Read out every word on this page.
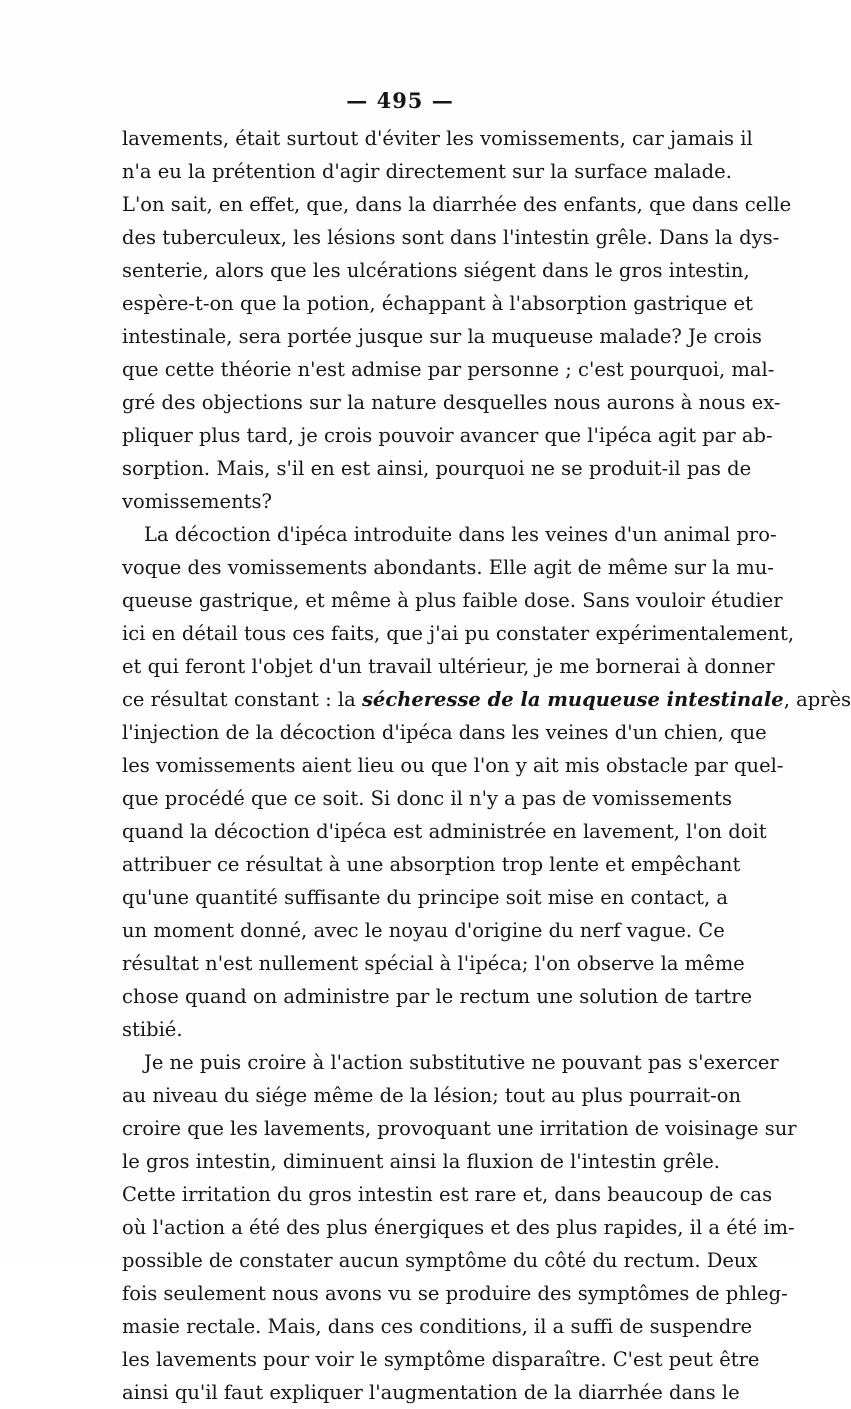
— 495 —
lavements, était surtout d'éviter les vomissements, car jamais il
n'a eu la prétention d'agir directement sur la surface malade.
L'on sait, en effet, que, dans la diarrhée des enfants, que dans celle
des tuberculeux, les lésions sont dans l'intestin grêle. Dans la dys-
senterie, alors que les ulcérations siégent dans le gros intestin,
espère-t-on que la potion, échappant à l'absorption gastrique et
intestinale, sera portée jusque sur la muqueuse malade? Je crois
que cette théorie n'est admise par personne ; c'est pourquoi, mal-
gré des objections sur la nature desquelles nous aurons à nous ex-
pliquer plus tard, je crois pouvoir avancer que l'ipéca agit par ab-
sorption. Mais, s'il en est ainsi, pourquoi ne se produit-il pas de
vomissements?
La décoction d'ipéca introduite dans les veines d'un animal pro-
voque des vomissements abondants. Elle agit de même sur la mu-
queuse gastrique, et même à plus faible dose. Sans vouloir étudier
ici en détail tous ces faits, que j'ai pu constater expérimentalement,
et qui feront l'objet d'un travail ultérieur, je me bornerai à donner
ce résultat constant : la sécheresse de la muqueuse intestinale, après
l'injection de la décoction d'ipéca dans les veines d'un chien, que
les vomissements aient lieu ou que l'on y ait mis obstacle par quel-
que procédé que ce soit. Si donc il n'y a pas de vomissements
quand la décoction d'ipéca est administrée en lavement, l'on doit
attribuer ce résultat à une absorption trop lente et empêchant
qu'une quantité suffisante du principe soit mise en contact, a
un moment donné, avec le noyau d'origine du nerf vague. Ce
résultat n'est nullement spécial à l'ipéca; l'on observe la même
chose quand on administre par le rectum une solution de tartre
stibié.
Je ne puis croire à l'action substitutive ne pouvant pas s'exercer
au niveau du siége même de la lésion; tout au plus pourrait-on
croire que les lavements, provoquant une irritation de voisinage sur
le gros intestin, diminuent ainsi la fluxion de l'intestin grêle.
Cette irritation du gros intestin est rare et, dans beaucoup de cas
où l'action a été des plus énergiques et des plus rapides, il a été im-
possible de constater aucun symptôme du côté du rectum. Deux
fois seulement nous avons vu se produire des symptômes de phleg-
masie rectale. Mais, dans ces conditions, il a suffi de suspendre
les lavements pour voir le symptôme disparaître. C'est peut être
ainsi qu'il faut expliquer l'augmentation de la diarrhée dans le
